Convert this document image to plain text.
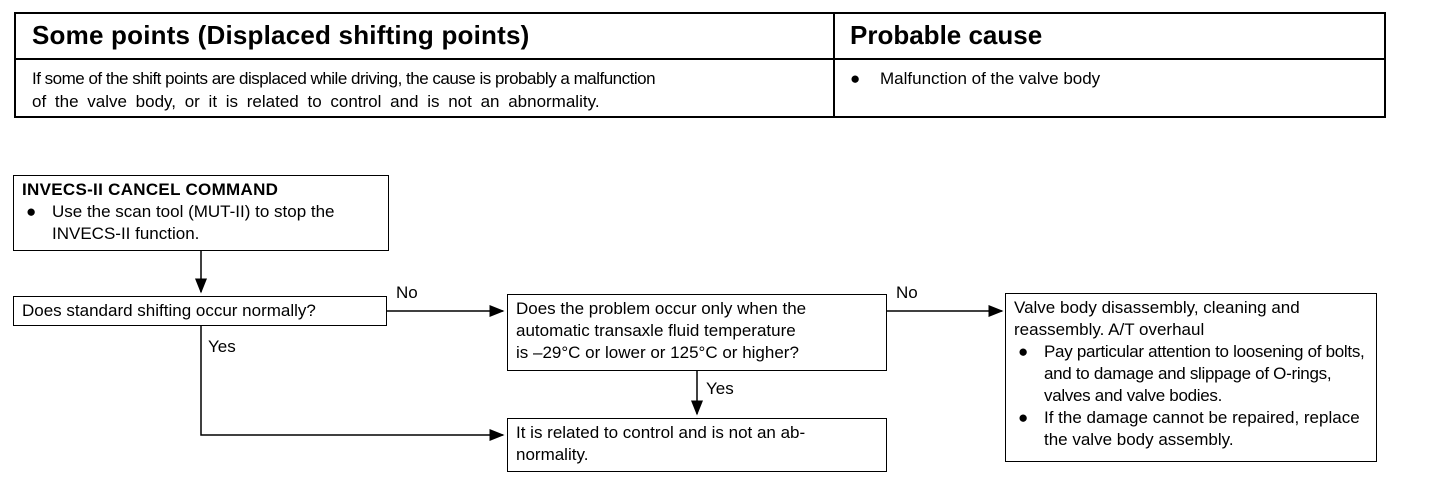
Some points (Displaced shifting points)	Probable cause
If some of the shift points are displaced while driving, the cause is probably a malfunction
of the valve body, or it is related to control and is not an abnormality.
● Malfunction of the valve body
INVECS-II CANCEL COMMAND
● Use the scan tool (MUT-II) to stop the INVECS-II function.
Does standard shifting occur normally?	Does the problem occur only when the
automatic transaxle fluid temperature
is –29°C or lower or 125°C or higher?
It is related to control and is not an ab-
normality.
Valve body disassembly, cleaning and
reassembly. A/T overhaul
● Pay particular attention to loosening of bolts, and to damage and slippage of O-rings, valves and valve bodies.
● If the damage cannot be repaired, replace the valve body assembly.
No
Yes
No
Yes
